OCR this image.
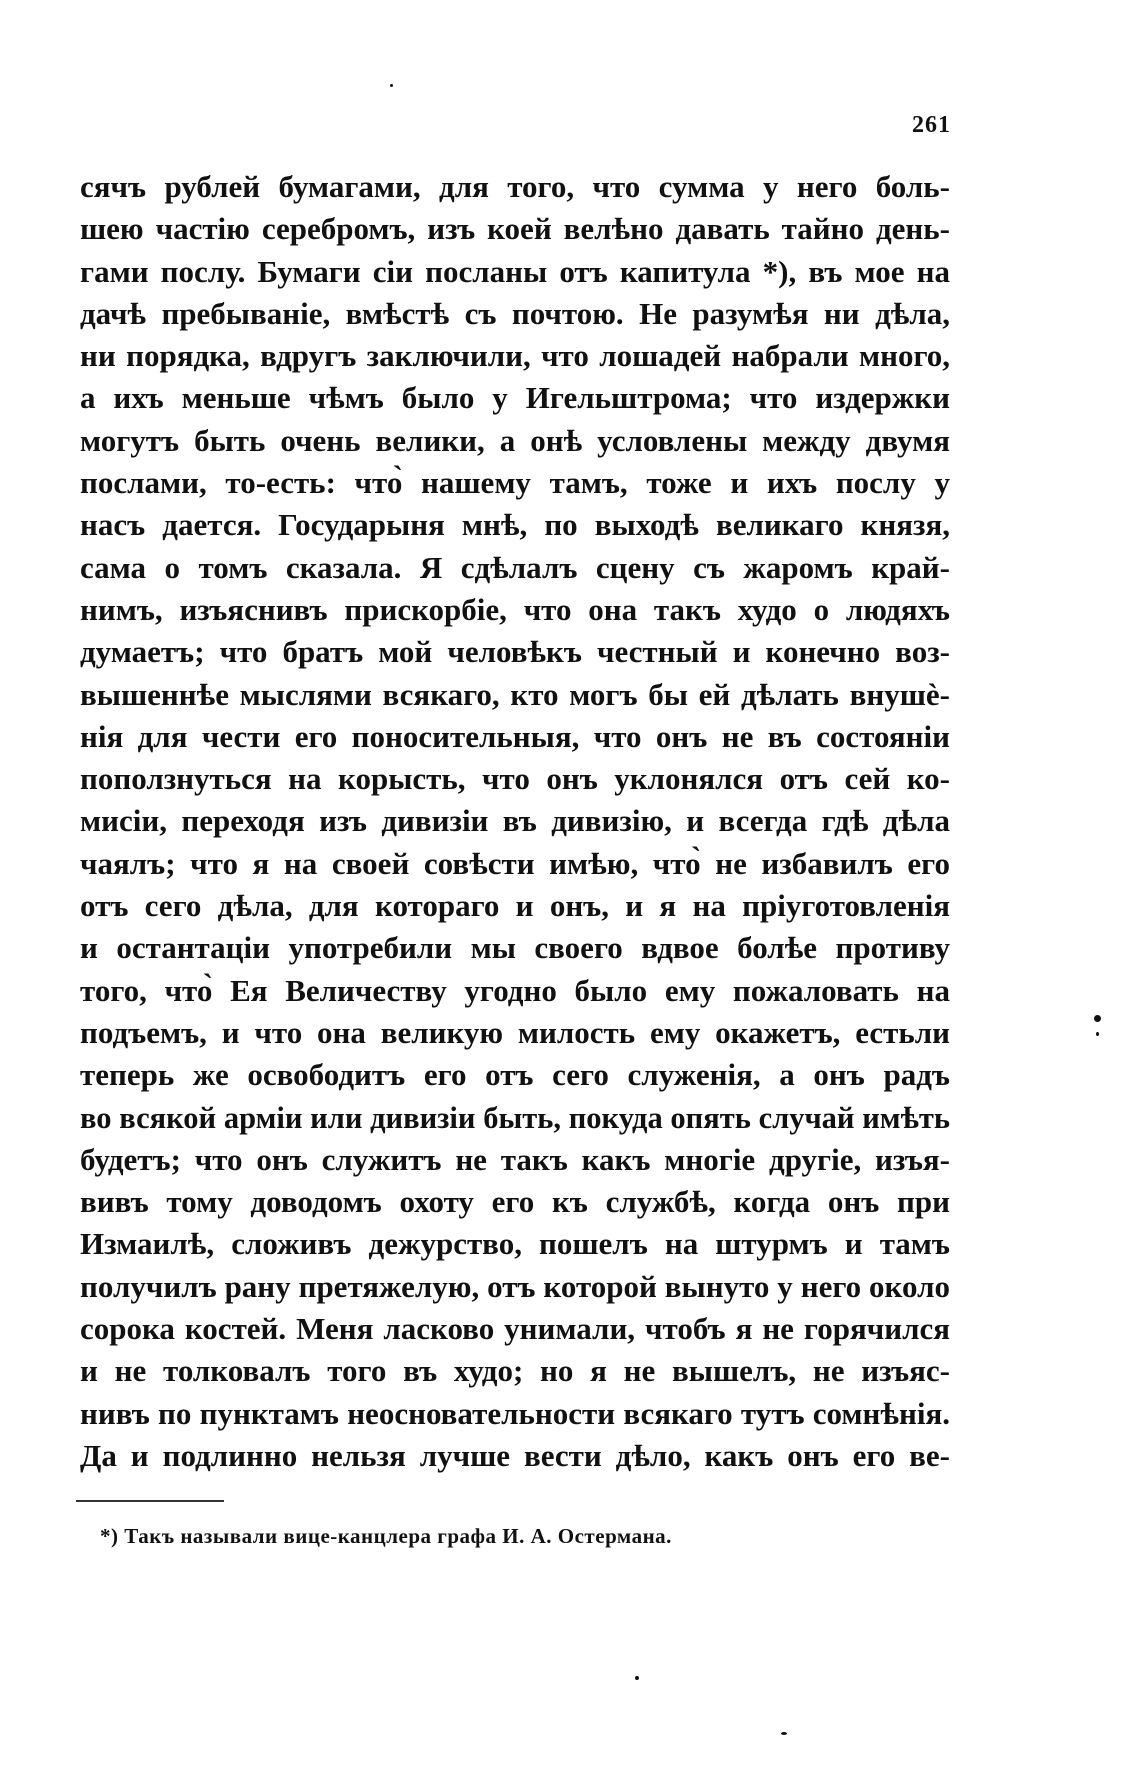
261
сячъ рублей бумагами, для того, что сумма у него боль-
шею частію серебромъ, изъ коей велѣно давать тайно день-
гами послу. Бумаги сіи посланы отъ капитула *), въ мое на
дачѣ пребываніе, вмѣстѣ съ почтою. Не разумѣя ни дѣла,
ни порядка, вдругъ заключили, что лошадей набрали много,
а ихъ меньше чѣмъ было у Игельштрома; что издержки
могутъ быть очень велики, а онѣ условлены между двумя
послами, то-есть: что̀ нашему тамъ, тоже и ихъ послу у
насъ дается. Государыня мнѣ, по выходѣ великаго князя,
сама о томъ сказала. Я сдѣлалъ сцену съ жаромъ край-
нимъ, изъяснивъ прискорбіе, что она такъ худо о людяхъ
думаетъ; что братъ мой человѣкъ честный и конечно воз-
вышеннѣе мыслями всякаго, кто могъ бы ей дѣлать внушѐ-
нія для чести его поносительныя, что онъ не въ состояніи
поползнуться на корысть, что онъ уклонялся отъ сей ко-
мисіи, переходя изъ дивизіи въ дивизію, и всегда гдѣ дѣла
чаялъ; что я на своей совѣсти имѣю, что̀ не избавилъ его
отъ сего дѣла, для котораго и онъ, и я на пріуготовленія
и остантаціи употребили мы своего вдвое болѣе противу
того, что̀ Ея Величеству угодно было ему пожаловать на
подъемъ, и что она великую милость ему окажетъ, естьли
теперь же освободитъ его отъ сего служенія, а онъ радъ
во всякой арміи или дивизіи быть, покуда опять случай имѣть
будетъ; что онъ служитъ не такъ какъ многіе другіе, изъя-
вивъ тому доводомъ охоту его къ службѣ, когда онъ при
Измаилѣ, сложивъ дежурство, пошелъ на штурмъ и тамъ
получилъ рану претяжелую, отъ которой вынуто у него около
сорока костей. Меня ласково унимали, чтобъ я не горячился
и не толковалъ того въ худо; но я не вышелъ, не изъяс-
нивъ по пунктамъ неосновательности всякаго тутъ сомнѣнія.
Да и подлинно нельзя лучше вести дѣло, какъ онъ его ве-
*) Такъ называли вице-канцлера графа И. А. Остермана.
